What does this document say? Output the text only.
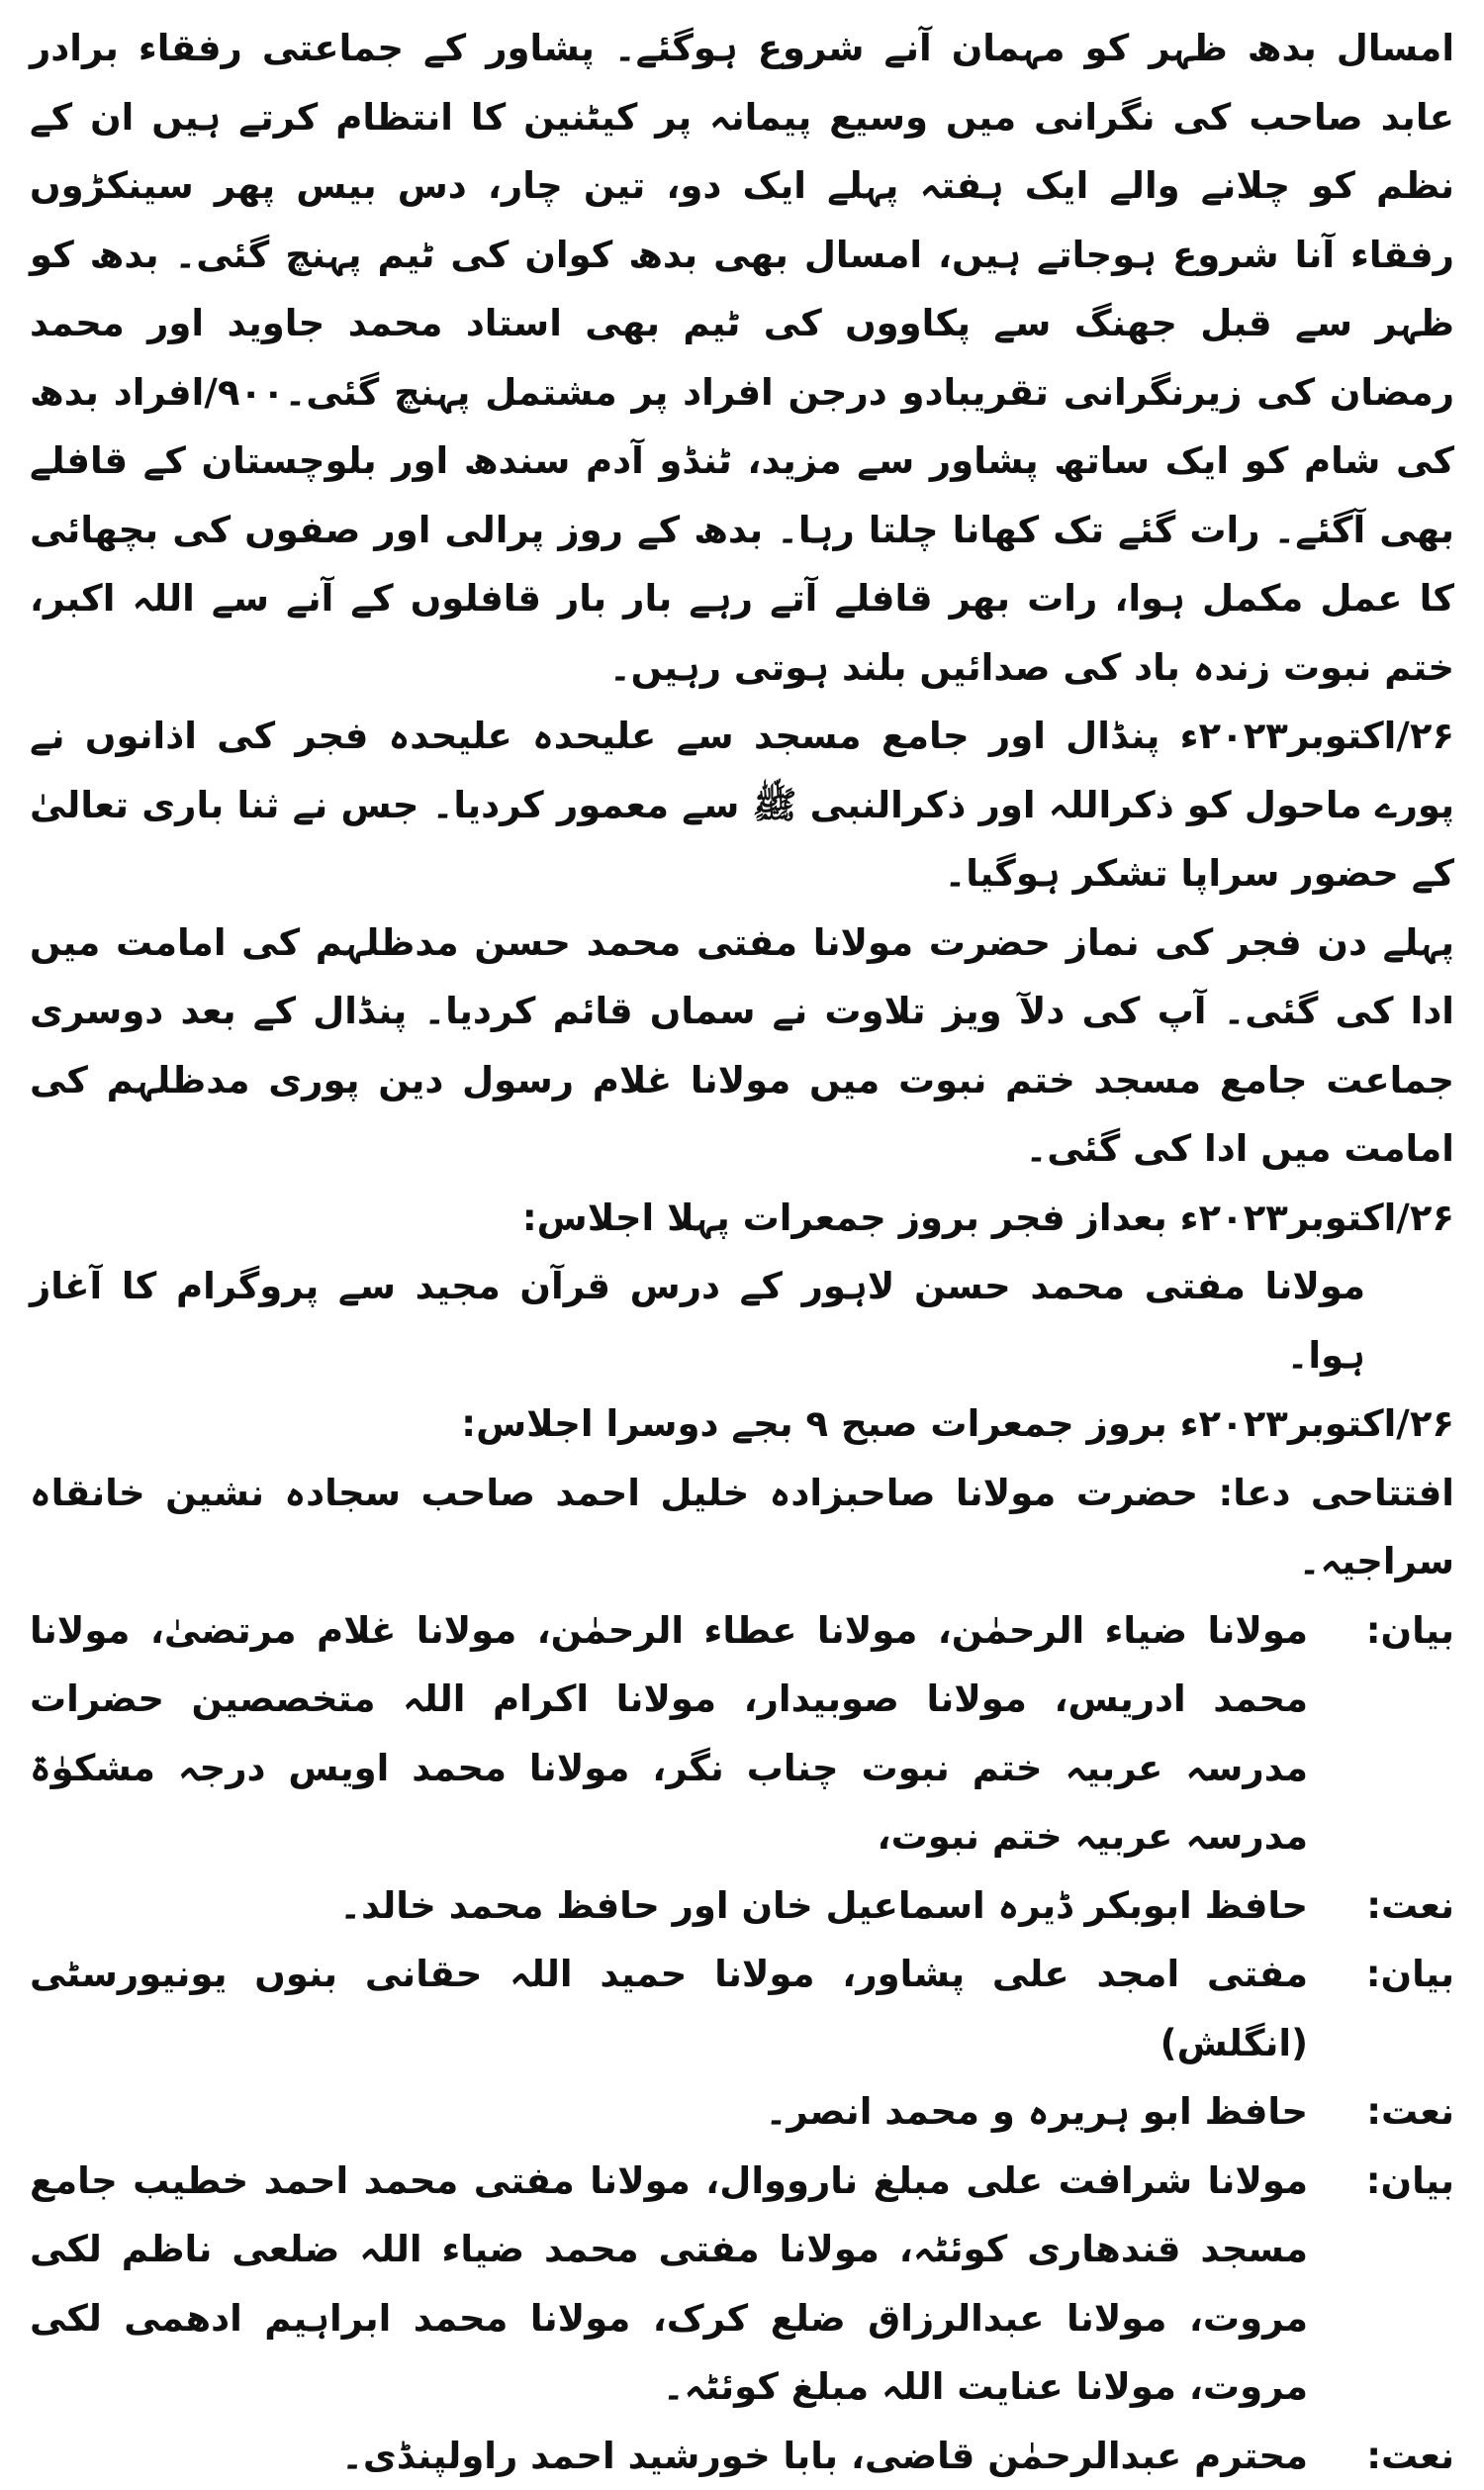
امسال بدھ ظہر کو مہمان آنے شروع ہوگئے۔ پشاور کے جماعتی رفقاء برادر عابد صاحب کی نگرانی میں وسیع پیمانہ پر کیٹنین کا انتظام کرتے ہیں ان کے نظم کو چلانے والے ایک ہفتہ پہلے ایک دو، تین چار، دس بیس پھر سینکڑوں رفقاء آنا شروع ہوجاتے ہیں، امسال بھی بدھ کوان کی ٹیم پہنچ گئی۔ بدھ کو ظہر سے قبل جھنگ سے پکاووں کی ٹیم بھی استاد محمد جاوید اور محمد رمضان کی زیرنگرانی تقریبادو درجن افراد پر مشتمل پہنچ گئی۔۹۰۰/افراد بدھ کی شام کو ایک ساتھ پشاور سے مزید، ٹنڈو آدم سندھ اور بلوچستان کے قافلے بھی آگئے۔ رات گئے تک کھانا چلتا رہا۔ بدھ کے روز پرالی اور صفوں کی بچھائی کا عمل مکمل ہوا، رات بھر قافلے آتے رہے بار بار قافلوں کے آنے سے اللہ اکبر، ختم نبوت زندہ باد کی صدائیں بلند ہوتی رہیں۔

۲۶/اکتوبر۲۰۲۳ء پنڈال اور جامع مسجد سے علیحدہ علیحدہ فجر کی اذانوں نے پورے ماحول کو ذکراللہ اور ذکرالنبی ﷺ سے معمور کردیا۔ جس نے ثنا باری تعالیٰ کے حضور سراپا تشکر ہوگیا۔

پہلے دن فجر کی نماز حضرت مولانا مفتی محمد حسن مدظلہم کی امامت میں ادا کی گئی۔ آپ کی دلآ ویز تلاوت نے سماں قائم کردیا۔ پنڈال کے بعد دوسری جماعت جامع مسجد ختم نبوت میں مولانا غلام رسول دین پوری مدظلہم کی امامت میں ادا کی گئی۔

۲۶/اکتوبر۲۰۲۳ء بعداز فجر بروز جمعرات پہلا اجلاس:

مولانا مفتی محمد حسن لاہور کے درس قرآن مجید سے پروگرام کا آغاز ہوا۔

۲۶/اکتوبر۲۰۲۳ء بروز جمعرات صبح ۹ بجے دوسرا اجلاس:

افتتاحی دعا: حضرت مولانا صاحبزادہ خلیل احمد صاحب سجادہ نشین خانقاہ سراجیہ۔

بیان:
مولانا ضیاء الرحمٰن، مولانا عطاء الرحمٰن، مولانا غلام مرتضیٰ، مولانا محمد ادریس، مولانا صوبیدار، مولانا اکرام اللہ متخصصین حضرات مدرسہ عربیہ ختم نبوت چناب نگر، مولانا محمد اویس درجہ مشکوٰۃ مدرسہ عربیہ ختم نبوت،
نعت:
حافظ ابوبکر ڈیرہ اسماعیل خان اور حافظ محمد خالد۔
بیان:
مفتی امجد علی پشاور، مولانا حمید اللہ حقانی بنوں یونیورسٹی (انگلش)
نعت:
حافظ ابو ہریرہ و محمد انصر۔
بیان:
مولانا شرافت علی مبلغ نارووال، مولانا مفتی محمد احمد خطیب جامع مسجد قندھاری کوئٹہ، مولانا مفتی محمد ضیاء اللہ ضلعی ناظم لکی مروت، مولانا عبدالرزاق ضلع کرک، مولانا محمد ابراہیم ادھمی لکی مروت، مولانا عنایت اللہ مبلغ کوئٹہ۔
نعت:
محترم عبدالرحمٰن قاضی، بابا خورشید احمد راولپنڈی۔
